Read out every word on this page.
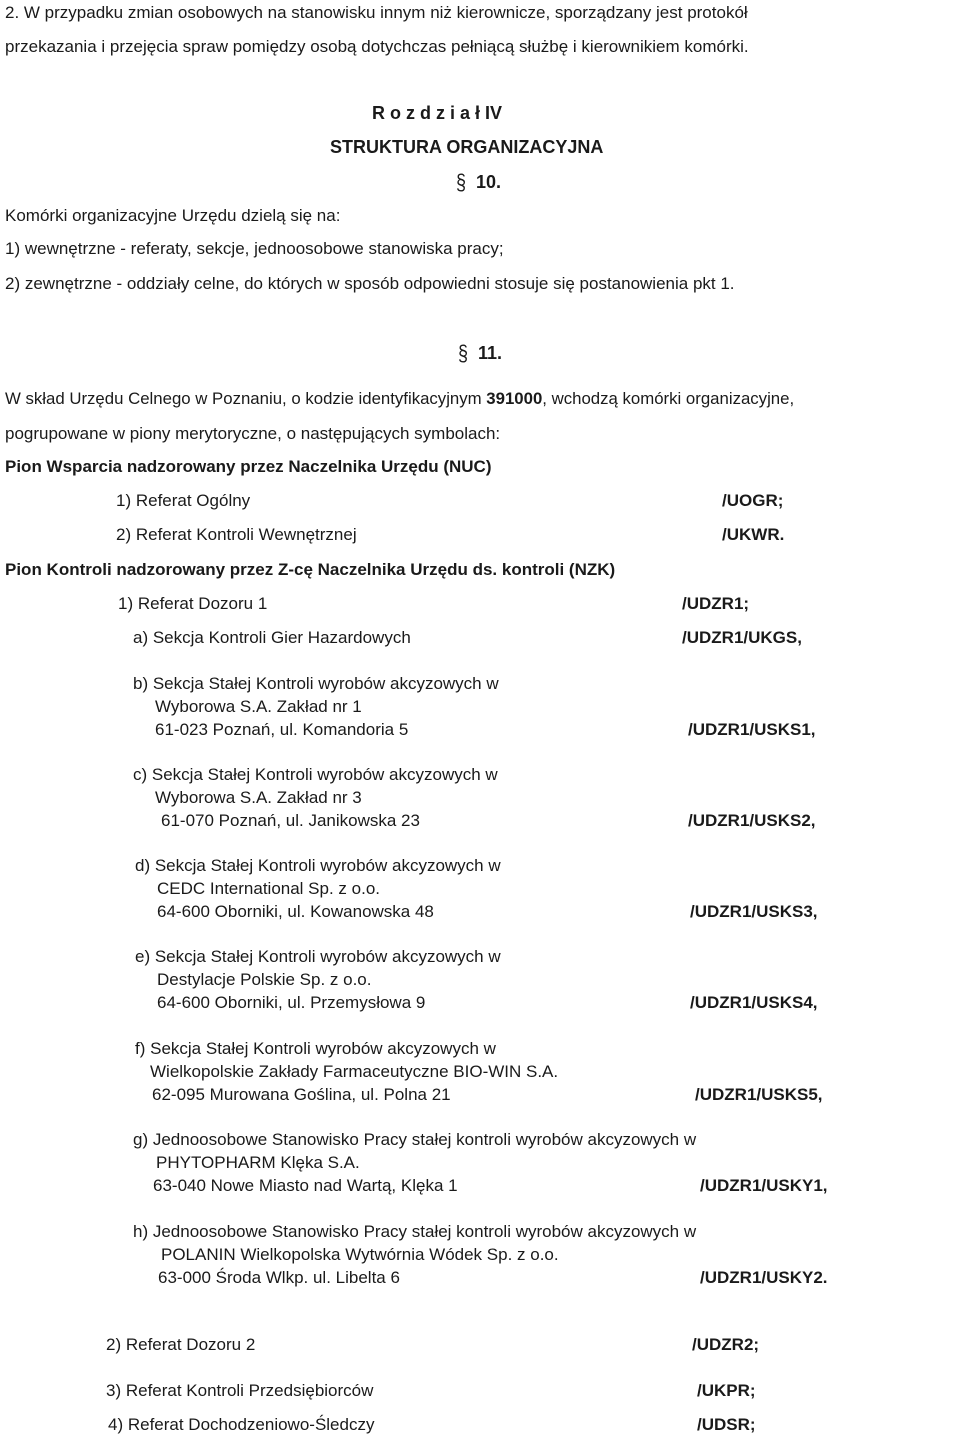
2. W przypadku zmian osobowych na stanowisku innym niż kierownicze, sporządzany jest protokół
przekazania i przejęcia spraw pomiędzy osobą dotychczas pełniącą służbę i kierownikiem komórki.
R o z d z i a ł IV
STRUKTURA ORGANIZACYJNA
§ 10.
Komórki organizacyjne Urzędu dzielą się na:
1) wewnętrzne - referaty, sekcje, jednoosobowe stanowiska pracy;
2) zewnętrzne - oddziały celne, do których w sposób odpowiedni stosuje się postanowienia pkt 1.
§ 11.
W skład Urzędu Celnego w Poznaniu, o kodzie identyfikacyjnym 391000, wchodzą komórki organizacyjne,
pogrupowane w piony merytoryczne, o następujących symbolach:
Pion Wsparcia nadzorowany przez Naczelnika Urzędu (NUC)
1) Referat Ogólny	/UOGR;
2) Referat Kontroli Wewnętrznej	/UKWR.
Pion Kontroli nadzorowany przez Z-cę Naczelnika Urzędu ds. kontroli (NZK)
1) Referat Dozoru 1	/UDZR1;
a) Sekcja Kontroli Gier Hazardowych	/UDZR1/UKGS,
b) Sekcja Stałej Kontroli wyrobów akcyzowych w
Wyborowa S.A. Zakład nr 1
61-023 Poznań, ul. Komandoria 5	/UDZR1/USKS1,
c) Sekcja Stałej Kontroli wyrobów akcyzowych w
Wyborowa S.A. Zakład nr 3
61-070 Poznań, ul. Janikowska 23	/UDZR1/USKS2,
d) Sekcja Stałej Kontroli wyrobów akcyzowych w
CEDC International Sp. z o.o.
64-600 Oborniki, ul. Kowanowska 48	/UDZR1/USKS3,
e) Sekcja Stałej Kontroli wyrobów akcyzowych w
Destylacje Polskie Sp. z o.o.
64-600 Oborniki, ul. Przemysłowa 9	/UDZR1/USKS4,
f) Sekcja Stałej Kontroli wyrobów akcyzowych w
Wielkopolskie Zakłady Farmaceutyczne BIO-WIN S.A.
62-095 Murowana Goślina, ul. Polna 21	/UDZR1/USKS5,
g) Jednoosobowe Stanowisko Pracy stałej kontroli wyrobów akcyzowych w
PHYTOPHARM Klęka S.A.
63-040 Nowe Miasto nad Wartą, Klęka 1	/UDZR1/USKY1,
h) Jednoosobowe Stanowisko Pracy stałej kontroli wyrobów akcyzowych w
POLANIN Wielkopolska Wytwórnia Wódek Sp. z o.o.
63-000 Środa Wlkp. ul. Libelta 6	/UDZR1/USKY2.
2) Referat Dozoru 2	/UDZR2;
3) Referat Kontroli Przedsiębiorców	/UKPR;
4) Referat Dochodzeniowo-Śledczy	/UDSR;
